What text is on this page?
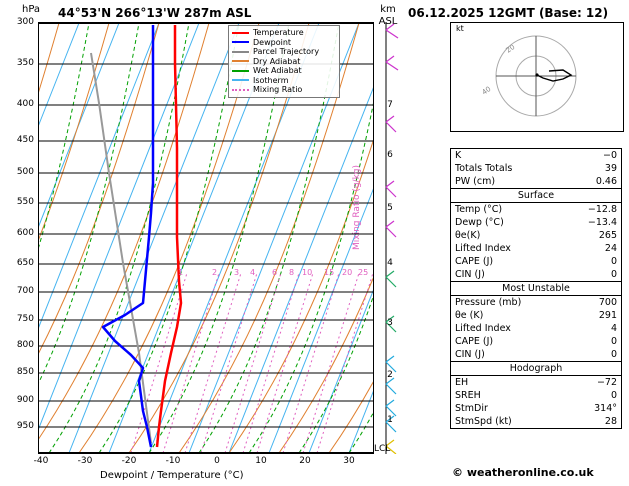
hPa 44°53'N 266°13'W 287m ASL	km
ASL
06.12.2025 12GMT (Base: 12)
Mixing Ratio (g/kg)
1	2 3 4 6 8 10 15 20 25
Temperature
Dewpoint
Parcel Trajectory
Dry Adiabat
Wet Adiabat
Isotherm
Mixing Ratio
300
350
400
450
500
550
600
650
700
750
800
850
900
950
-40	-30	-20	-10	0	10	20	30
Dewpoint / Temperature (°C)
7
6
5
4
3
2
1
LCL
20
40
kt
K	−0
Totals Totals	39
PW (cm)	0.46
Surface
Temp (°C)	−12.8
Dewp (°C)	−13.4
θe(K)	265
Lifted Index	24
CAPE (J)	0
CIN (J)	0
Most Unstable
Pressure (mb)	700
θe (K)	291
Lifted Index	4
CAPE (J)	0
CIN (J)	0
Hodograph
EH	−72
SREH	0
StmDir	314°
StmSpd (kt)	28
© weatheronline.co.uk
